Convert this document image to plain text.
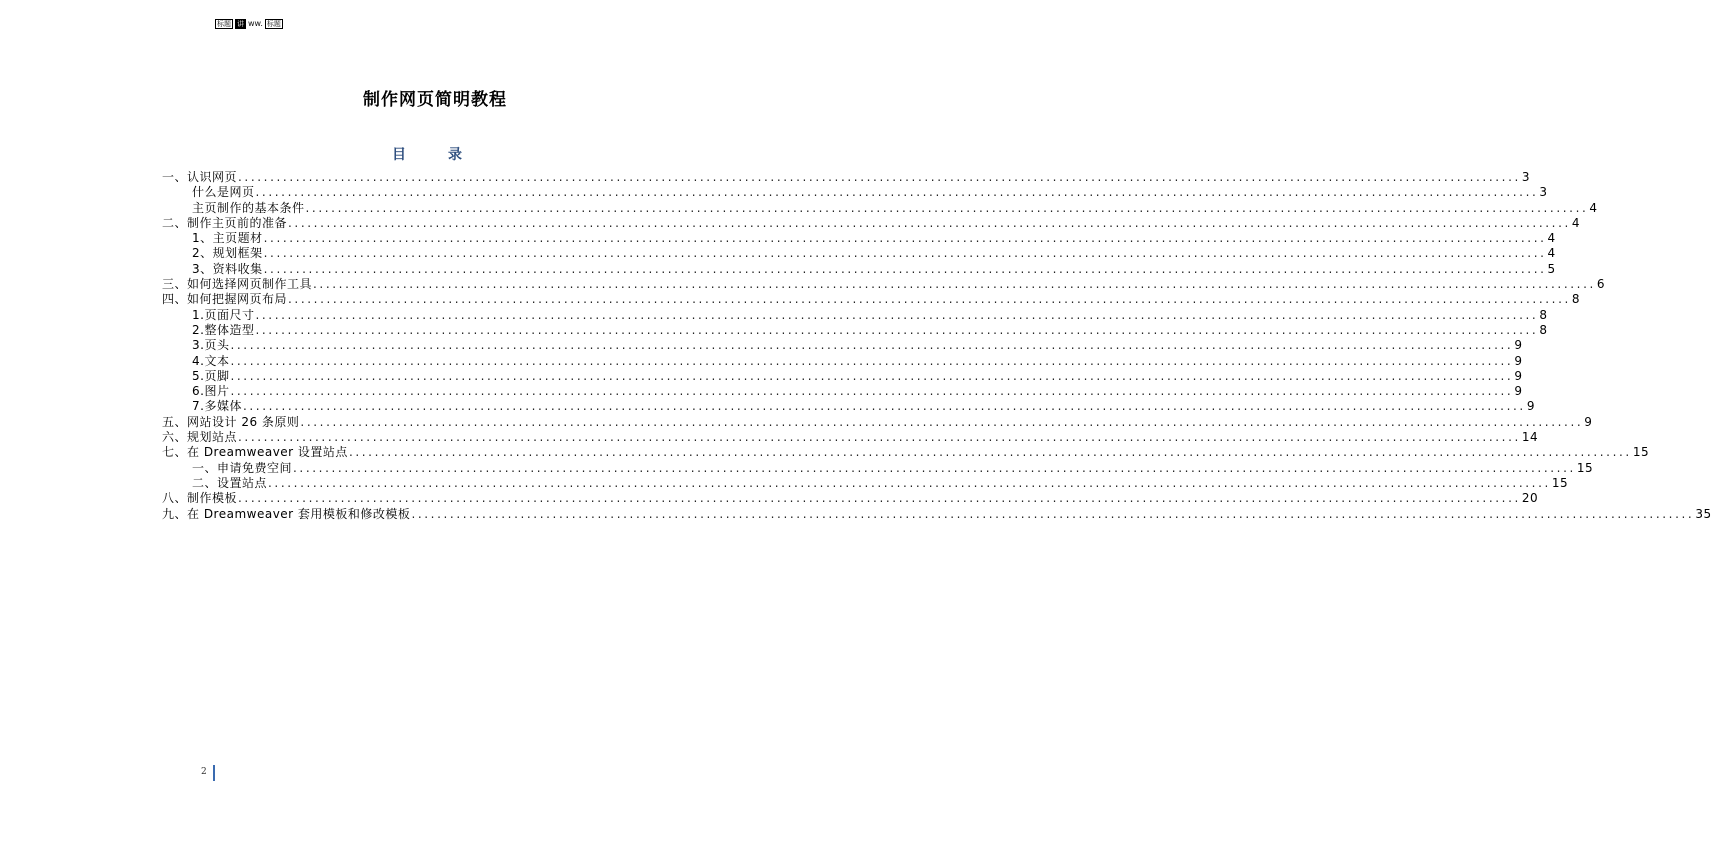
标题 讲 ww. 标题
制作网页简明教程
目录
一、认识网页 ........................................................................................................................................................................................................ 3
什么是网页 ........................................................................................................................................................................................................ 3
主页制作的基本条件 ........................................................................................................................................................................................................ 4
二、制作主页前的准备 ........................................................................................................................................................................................................ 4
1、主页题材 ........................................................................................................................................................................................................ 4
2、规划框架 ........................................................................................................................................................................................................ 4
3、资料收集 ........................................................................................................................................................................................................ 5
三、如何选择网页制作工具 ........................................................................................................................................................................................................ 6
四、如何把握网页布局 ........................................................................................................................................................................................................ 8
1.页面尺寸 ........................................................................................................................................................................................................ 8
2.整体造型 ........................................................................................................................................................................................................ 8
3.页头 ........................................................................................................................................................................................................ 9
4.文本 ........................................................................................................................................................................................................ 9
5.页脚 ........................................................................................................................................................................................................ 9
6.图片 ........................................................................................................................................................................................................ 9
7.多媒体 ........................................................................................................................................................................................................ 9
五、网站设计 26 条原则 ........................................................................................................................................................................................................ 9
六、规划站点 ........................................................................................................................................................................................................ 14
七、在 Dreamweaver 设置站点 ........................................................................................................................................................................................................ 15
一、申请免费空间 ........................................................................................................................................................................................................ 15
二、设置站点 ........................................................................................................................................................................................................ 15
八、制作模板 ........................................................................................................................................................................................................ 20
九、在 Dreamweaver 套用模板和修改模板 ........................................................................................................................................................................................................ 35
2
